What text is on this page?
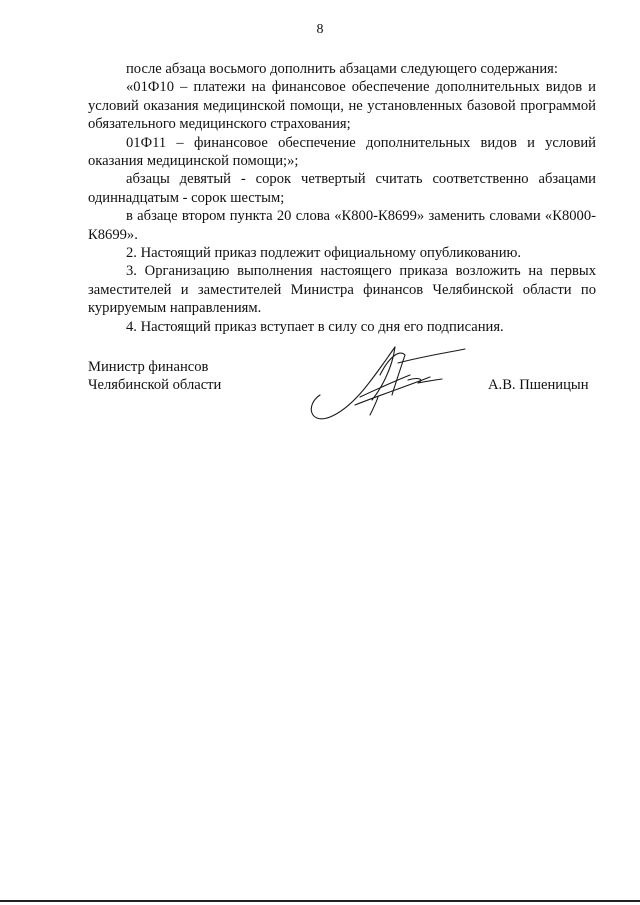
8

после абзаца восьмого дополнить абзацами следующего содержания:

«01Ф10 – платежи на финансовое обеспечение дополнительных видов и условий оказания медицинской помощи, не установленных базовой программой обязательного медицинского страхования;

01Ф11 – финансовое обеспечение дополнительных видов и условий оказания медицинской помощи;»;

абзацы девятый - сорок четвертый считать соответственно абзацами одиннадцатым - сорок шестым;

в абзаце втором пункта 20 слова «К800-К8699» заменить словами «К8000-К8699».

2. Настоящий приказ подлежит официальному опубликованию.

3. Организацию выполнения настоящего приказа возложить на первых заместителей и заместителей Министра финансов Челябинской области по курируемым направлениям.

4. Настоящий приказ вступает в силу со дня его подписания.

Министр финансов
Челябинской области	А.В. Пшеницын
